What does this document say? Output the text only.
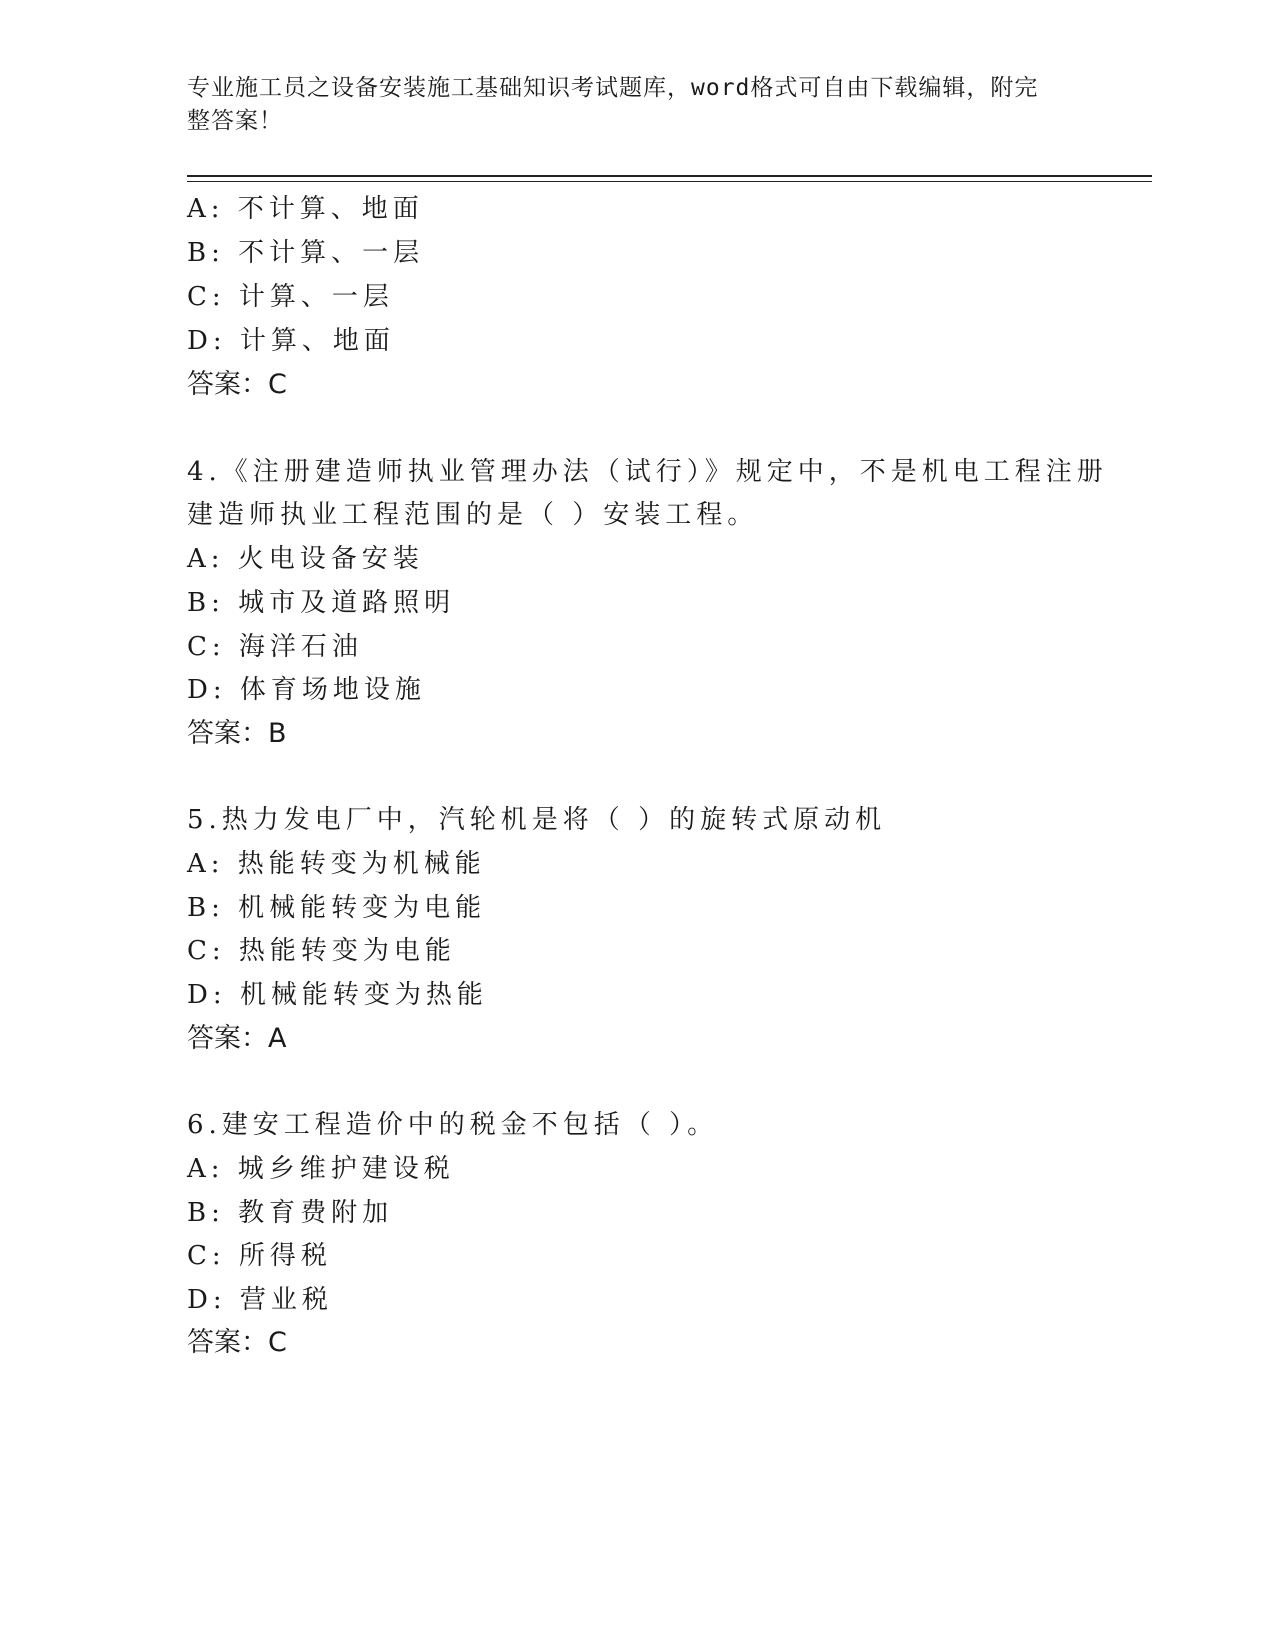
专业施工员之设备安装施工基础知识考试题库，word格式可自由下载编辑，附完
整答案！
A: 不计算、地面
B: 不计算、一层
C: 计算、一层
D: 计算、地面
答案：C
4.《注册建造师执业管理办法（试行）》规定中，不是机电工程注册
建造师执业工程范围的是（ ）安装工程。
A: 火电设备安装
B: 城市及道路照明
C: 海洋石油
D: 体育场地设施
答案：B
5.热力发电厂中，汽轮机是将（ ）的旋转式原动机
A: 热能转变为机械能
B: 机械能转变为电能
C: 热能转变为电能
D: 机械能转变为热能
答案：A
6.建安工程造价中的税金不包括（ ）。
A: 城乡维护建设税
B: 教育费附加
C: 所得税
D: 营业税
答案：C
